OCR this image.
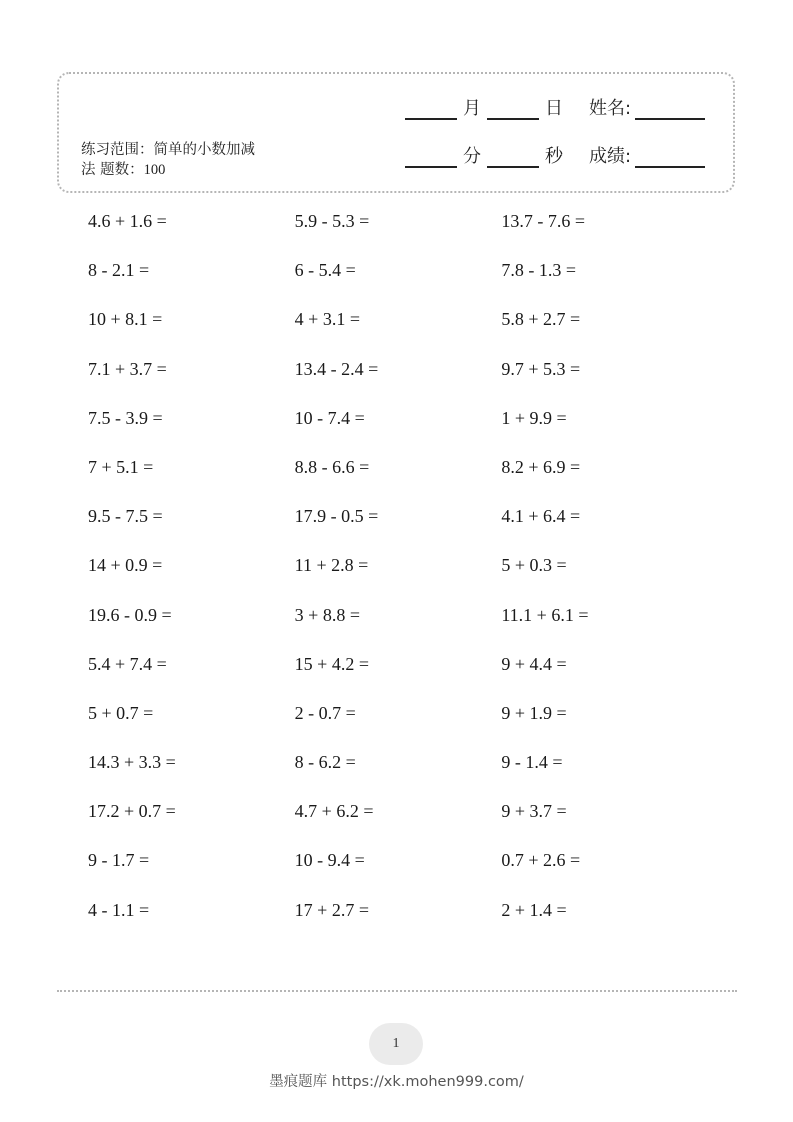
练习范围：简单的小数加减
法 题数：100
月	日 姓名:
分	秒 成绩:
4.6 + 1.6 =	5.9 - 5.3 =	13.7 - 7.6 =
8 - 2.1 =	6 - 5.4 =	7.8 - 1.3 =
10 + 8.1 =	4 + 3.1 =	5.8 + 2.7 =
7.1 + 3.7 =	13.4 - 2.4 =	9.7 + 5.3 =
7.5 - 3.9 =	10 - 7.4 =	1 + 9.9 =
7 + 5.1 =	8.8 - 6.6 =	8.2 + 6.9 =
9.5 - 7.5 =	17.9 - 0.5 =	4.1 + 6.4 =
14 + 0.9 =	11 + 2.8 =	5 + 0.3 =
19.6 - 0.9 =	3 + 8.8 =	11.1 + 6.1 =
5.4 + 7.4 =	15 + 4.2 =	9 + 4.4 =
5 + 0.7 =	2 - 0.7 =	9 + 1.9 =
14.3 + 3.3 =	8 - 6.2 =	9 - 1.4 =
17.2 + 0.7 =	4.7 + 6.2 =	9 + 3.7 =
9 - 1.7 =	10 - 9.4 =	0.7 + 2.6 =
4 - 1.1 =	17 + 2.7 =	2 + 1.4 =
1
墨痕题库 https://xk.mohen999.com/
